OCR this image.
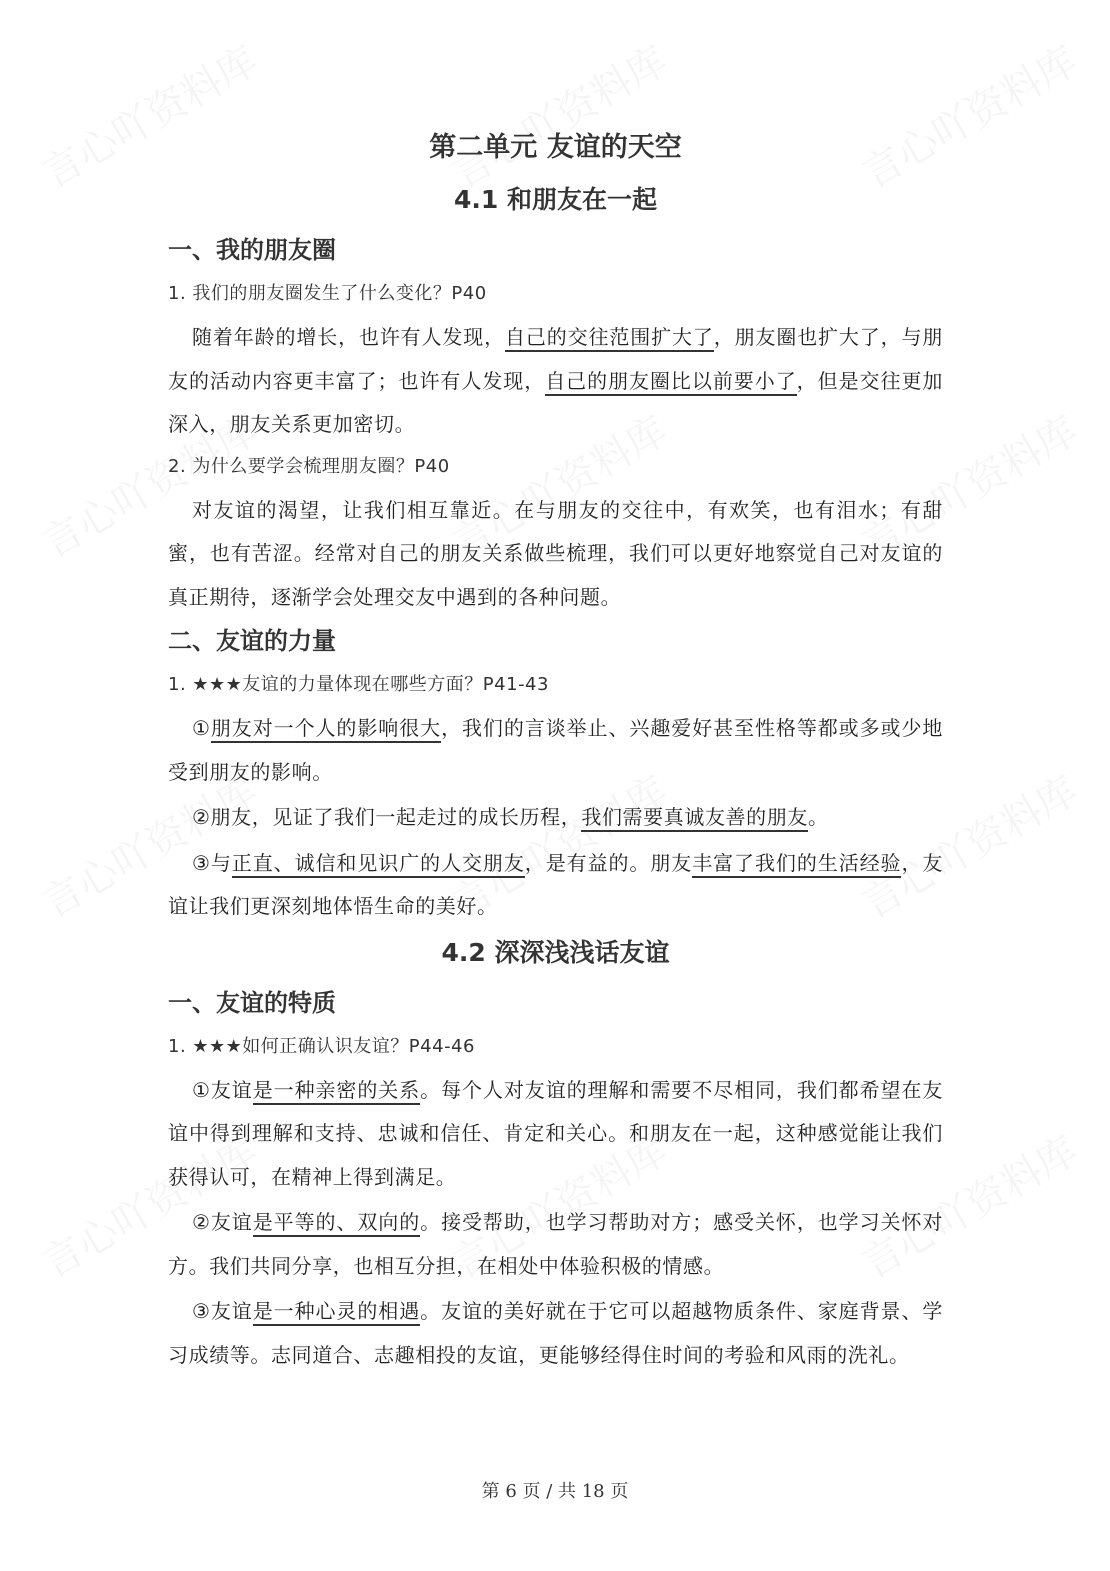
第二单元 友谊的天空
4.1 和朋友在一起
一、我的朋友圈
1. 我们的朋友圈发生了什么变化？P40

随着年龄的增长，也许有人发现，自己的交往范围扩大了，朋友圈也扩大了，与朋友的活动内容更丰富了；也许有人发现，自己的朋友圈比以前要小了，但是交往更加深入，朋友关系更加密切。

2. 为什么要学会梳理朋友圈？P40

对友谊的渴望，让我们相互靠近。在与朋友的交往中，有欢笑，也有泪水；有甜蜜，也有苦涩。经常对自己的朋友关系做些梳理，我们可以更好地察觉自己对友谊的真正期待，逐渐学会处理交友中遇到的各种问题。

二、友谊的力量
1. ★★★友谊的力量体现在哪些方面？P41-43

①朋友对一个人的影响很大，我们的言谈举止、兴趣爱好甚至性格等都或多或少地受到朋友的影响。

②朋友，见证了我们一起走过的成长历程，我们需要真诚友善的朋友。

③与正直、诚信和见识广的人交朋友，是有益的。朋友丰富了我们的生活经验，友谊让我们更深刻地体悟生命的美好。

4.2 深深浅浅话友谊
一、友谊的特质
1. ★★★如何正确认识友谊？P44-46

①友谊是一种亲密的关系。每个人对友谊的理解和需要不尽相同，我们都希望在友谊中得到理解和支持、忠诚和信任、肯定和关心。和朋友在一起，这种感觉能让我们获得认可，在精神上得到满足。

②友谊是平等的、双向的。接受帮助，也学习帮助对方；感受关怀，也学习关怀对方。我们共同分享，也相互分担，在相处中体验积极的情感。

③友谊是一种心灵的相遇。友谊的美好就在于它可以超越物质条件、家庭背景、学习成绩等。志同道合、志趣相投的友谊，更能够经得住时间的考验和风雨的洗礼。

第 6 页 / 共 18 页
